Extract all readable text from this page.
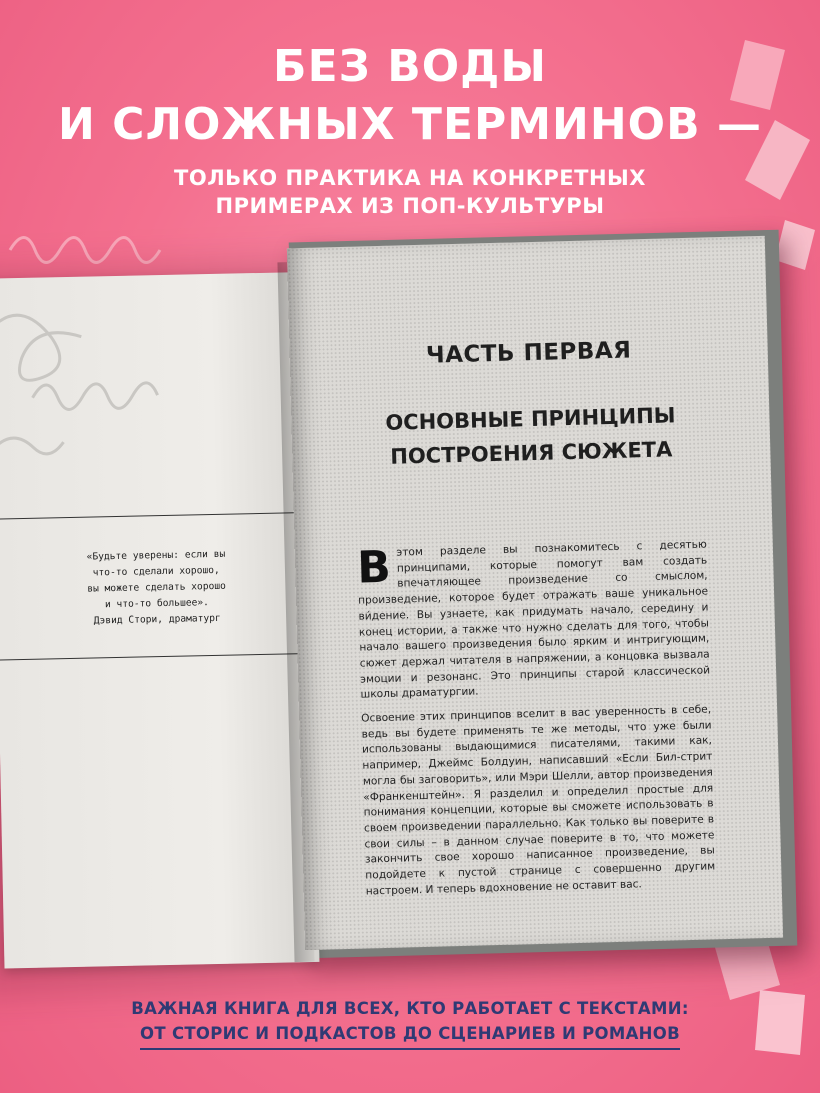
БЕЗ ВОДЫ
И СЛОЖНЫХ ТЕРМИНОВ —
ТОЛЬКО ПРАКТИКА НА КОНКРЕТНЫХ
ПРИМЕРАХ ИЗ ПОП-КУЛЬТУРЫ
«Будьте уверены: если вы
что-то сделали хорошо,
вы можете сделать хорошо
и что-то большее».
Дэвид Стори, драматург
ЧАСТЬ ПЕРВАЯ
ОСНОВНЫЕ ПРИНЦИПЫ
ПОСТРОЕНИЯ СЮЖЕТА

Вэтом разделе вы познакомитесь с десятью принципами, которые помогут вам создать впечатляющее произведение со смыслом, произведение, которое будет отражать ваше уникальное ви́дение. Вы узнаете, как придумать начало, середину и конец истории, а также что нужно сделать для того, чтобы начало вашего произведения было ярким и интригующим, сюжет держал читателя в напряжении, а концовка вызвала эмоции и резонанс. Это принципы старой классической школы драматургии.

Освоение этих принципов вселит в вас уверенность в себе, ведь вы будете применять те же методы, что уже были использованы выдающимися писателями, такими как, например, Джеймс Болдуин, написавший «Если Бил-стрит могла бы заговорить», или Мэри Шелли, автор произведения «Франкенштейн». Я разделил и определил простые для понимания концепции, которые вы сможете использовать в своем произведении параллельно. Как только вы поверите в свои силы – в данном случае поверите в то, что можете закончить свое хорошо написанное произведение, вы подойдете к пустой странице с совершенно другим настроем. И теперь вдохновение не оставит вас.

ВАЖНАЯ КНИГА ДЛЯ ВСЕХ, КТО РАБОТАЕТ С ТЕКСТАМИ:
ОТ СТОРИС И ПОДКАСТОВ ДО СЦЕНАРИЕВ И РОМАНОВ
